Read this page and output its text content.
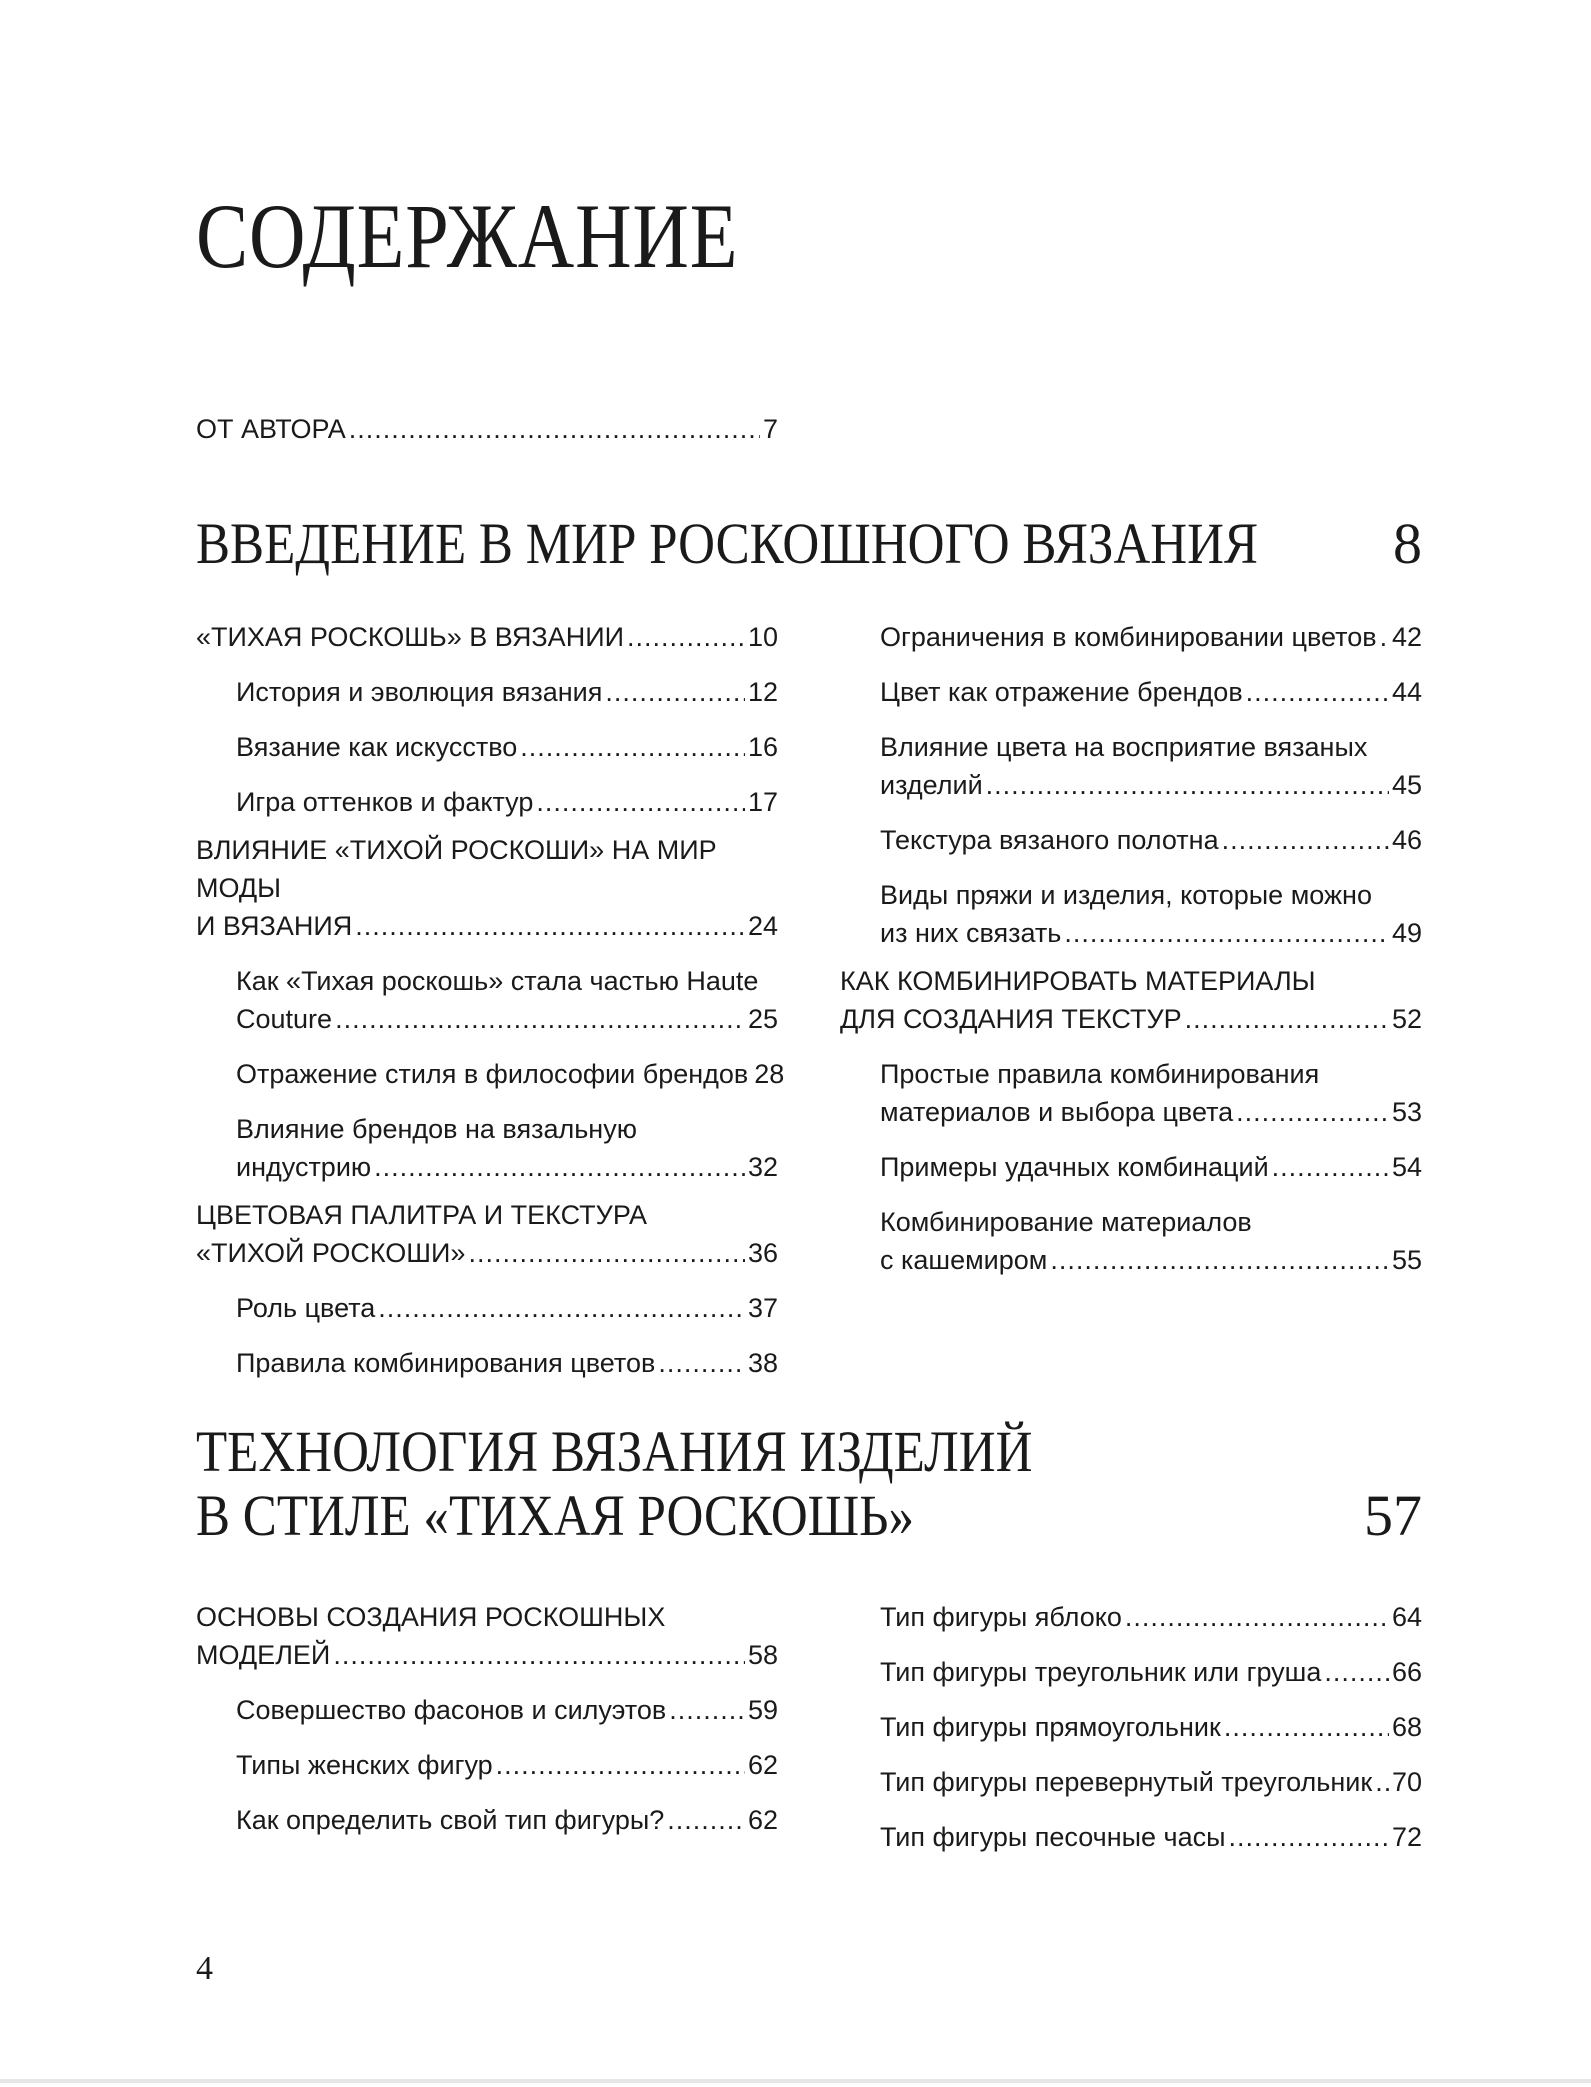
СОДЕРЖАНИЕ
ОТ АВТОРА .....	7
ВВЕДЕНИЕ В МИР РОСКОШНОГО ВЯЗАНИЯ 8
«ТИХАЯ РОСКОШЬ» В ВЯЗАНИИ .....	10
История и эволюция вязания .....	12
Вязание как искусство .....	16
Игра оттенков и фактур .....	17
ВЛИЯНИЕ «ТИХОЙ РОСКОШИ» НА МИР МОДЫ
И ВЯЗАНИЯ .....	24
Как «Тихая роскошь» стала частью Haute
Couture .....	25
Отражение стиля в философии брендов 28
Влияние брендов на вязальную
индустрию .....	32
ЦВЕТОВАЯ ПАЛИТРА И ТЕКСТУРА
«ТИХОЙ РОСКОШИ» .....	36
Роль цвета .....	37
Правила комбинирования цветов .....	38
Ограничения в комбинировании цветов ..... 42
Цвет как отражение брендов .....	44
Влияние цвета на восприятие вязаных
изделий .....	45
Текстура вязаного полотна .....	46
Виды пряжи и изделия, которые можно
из них связать .....	49
КАК КОМБИНИРОВАТЬ МАТЕРИАЛЫ
ДЛЯ СОЗДАНИЯ ТЕКСТУР .....	52
Простые правила комбинирования
материалов и выбора цвета .....	53
Примеры удачных комбинаций .....	54
Комбинирование материалов
с кашемиром .....	55
ТЕХНОЛОГИЯ ВЯЗАНИЯ ИЗДЕЛИЙ
В СТИЛЕ «ТИХАЯ РОСКОШЬ»	57
ОСНОВЫ СОЗДАНИЯ РОСКОШНЫХ
МОДЕЛЕЙ .....	58
Совершество фасонов и силуэтов .....	59
Типы женских фигур .....	62
Как определить свой тип фигуры? .....	62
Тип фигуры яблоко .....	64
Тип фигуры треугольник или груша .....	66
Тип фигуры прямоугольник .....	68
Тип фигуры перевернутый треугольник ..... 70
Тип фигуры песочные часы .....	72
4
